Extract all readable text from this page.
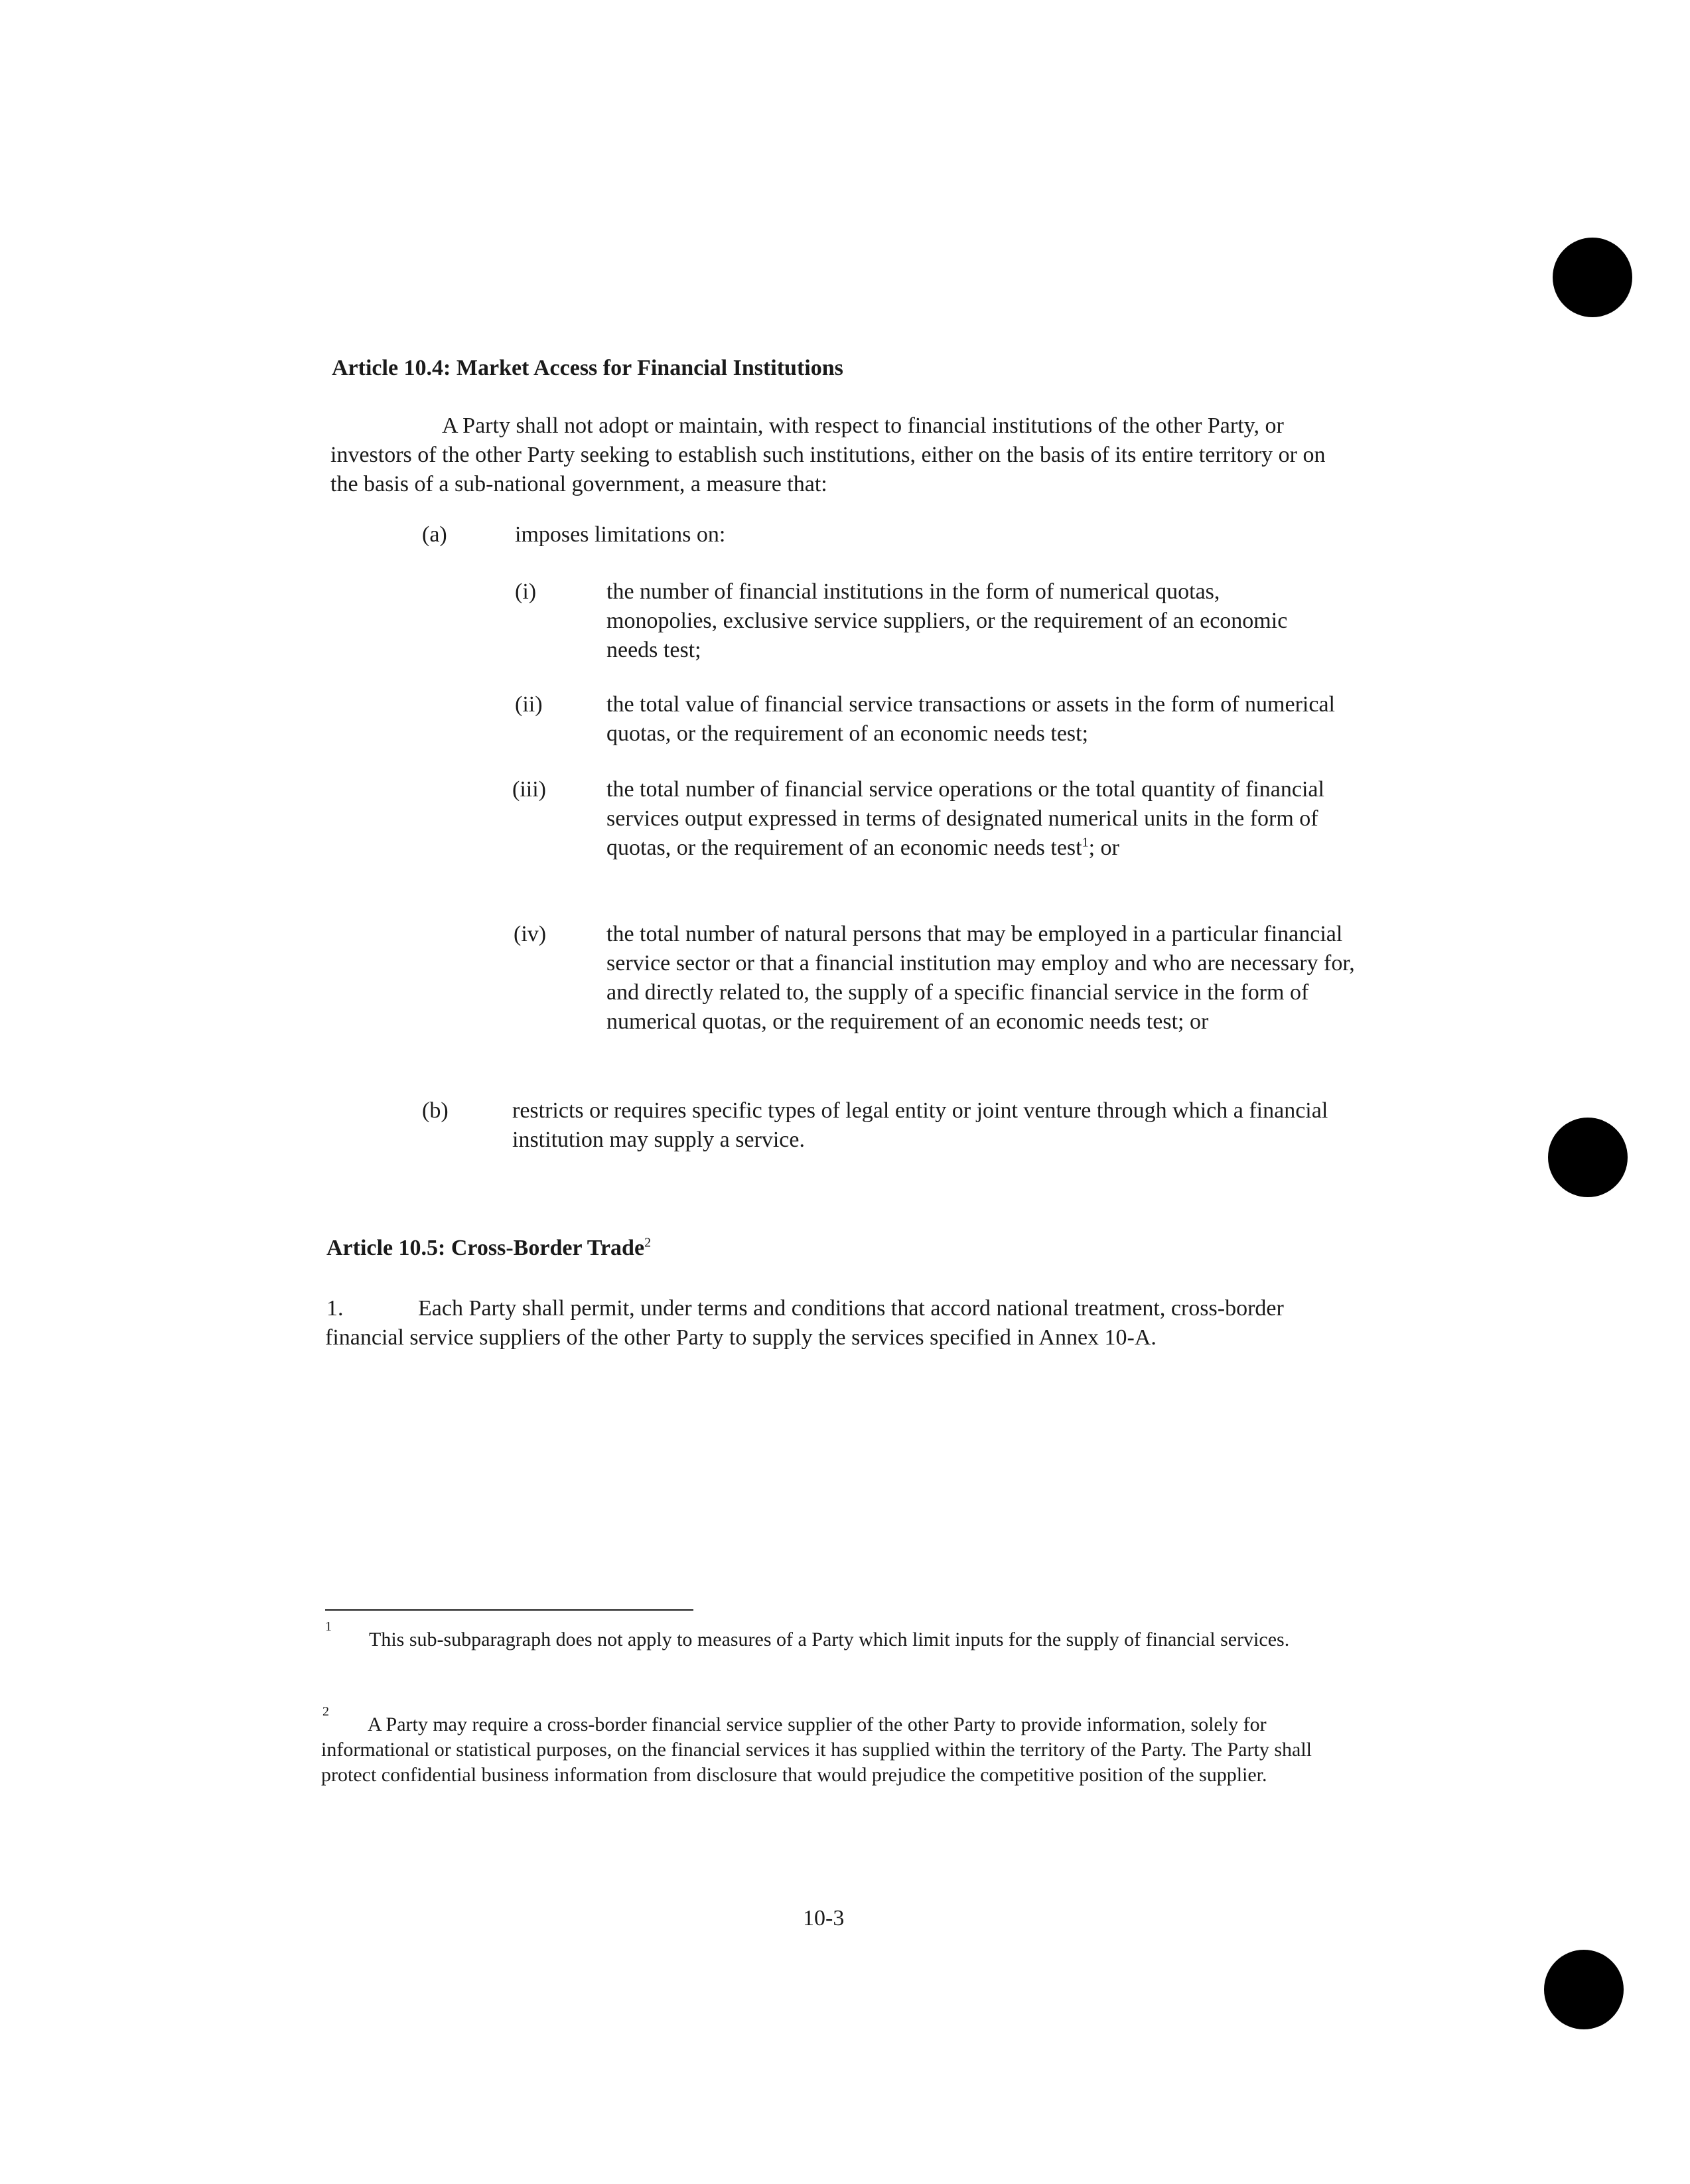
Article 10.4: Market Access for Financial Institutions
A Party shall not adopt or maintain, with respect to financial institutions of the other Party, or investors of the other Party seeking to establish such institutions, either on the basis of its entire territory or on the basis of a sub-national government, a measure that:
(a)	imposes limitations on:
(i)	the number of financial institutions in the form of numerical quotas, monopolies, exclusive service suppliers, or the requirement of an economic needs test;
(ii)	the total value of financial service transactions or assets in the form of numerical quotas, or the requirement of an economic needs test;
(iii)	the total number of financial service operations or the total quantity of financial services output expressed in terms of designated numerical units in the form of quotas, or the requirement of an economic needs test$^1$; or
(iv)	the total number of natural persons that may be employed in a particular financial service sector or that a financial institution may employ and who are necessary for, and directly related to, the supply of a specific financial service in the form of numerical quotas, or the requirement of an economic needs test; or
(b)	restricts or requires specific types of legal entity or joint venture through which a financial institution may supply a service.
Article 10.5: Cross-Border Trade$^2$
1.	Each Party shall permit, under terms and conditions that accord national treatment, cross-border financial service suppliers of the other Party to supply the services specified in Annex 10-A.
1
This sub-subparagraph does not apply to measures of a Party which limit inputs for the supply of financial services.
2
A Party may require a cross-border financial service supplier of the other Party to provide information, solely for informational or statistical purposes, on the financial services it has supplied within the territory of the Party. The Party shall protect confidential business information from disclosure that would prejudice the competitive position of the supplier.
10-3
